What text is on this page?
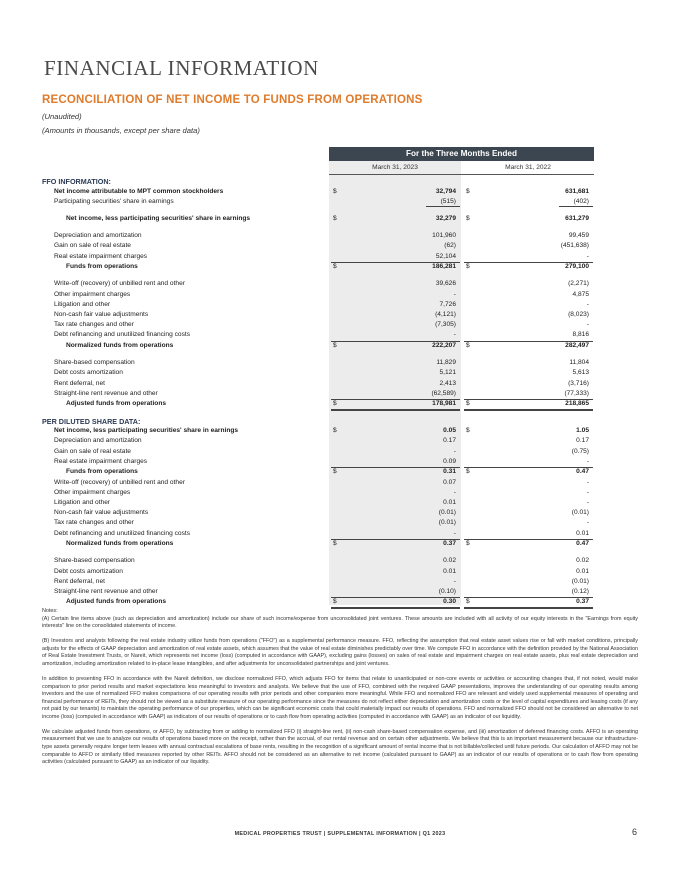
FINANCIAL INFORMATION
RECONCILIATION OF NET INCOME TO FUNDS FROM OPERATIONS
(Unaudited)
(Amounts in thousands, except per share data)
For the Three Months Ended
March 31, 2023	March 31, 2022
FFO INFORMATION:
Net income attributable to MPT common stockholders	$	32,794 $	631,681
Participating securities' share in earnings	(515)	(402)
Net income, less participating securities' share in earnings	$	32,279 $	631,279
Depreciation and amortization	101,960	99,459
Gain on sale of real estate	(62)	(451,638)
Real estate impairment charges	52,104	-
Funds from operations	$	186,281 $	279,100
Write-off (recovery) of unbilled rent and other	39,626	(2,271)
Other impairment charges	-	4,875
Litigation and other	7,726	-
Non-cash fair value adjustments	(4,121)	(8,023)
Tax rate changes and other	(7,305)	-
Debt refinancing and unutilized financing costs	-	8,816
Normalized funds from operations	$	222,207 $	282,497
Share-based compensation	11,829	11,804
Debt costs amortization	5,121	5,613
Rent deferral, net	2,413	(3,716)
Straight-line rent revenue and other	(62,589)	(77,333)
Adjusted funds from operations	$	178,981 $	218,865
PER DILUTED SHARE DATA:
Net income, less participating securities' share in earnings	$	0.05 $	1.05
Depreciation and amortization	0.17	0.17
Gain on sale of real estate	-	(0.75)
Real estate impairment charges	0.09	-
Funds from operations	$	0.31 $	0.47
Write-off (recovery) of unbilled rent and other	0.07	-
Other impairment charges	-	-
Litigation and other	0.01	-
Non-cash fair value adjustments	(0.01)	(0.01)
Tax rate changes and other	(0.01)	-
Debt refinancing and unutilized financing costs	-	0.01
Normalized funds from operations	$	0.37 $	0.47
Share-based compensation	0.02	0.02
Debt costs amortization	0.01	0.01
Rent deferral, net	-	(0.01)
Straight-line rent revenue and other	(0.10)	(0.12)
Adjusted funds from operations	$	0.30 $	0.37

Notes:

(A) Certain line items above (such as depreciation and amortization) include our share of such income/expense from unconsolidated joint ventures. These amounts are included with all activity of our equity interests in the "Earnings from equity interests" line on the consolidated statements of income.

(B) Investors and analysts following the real estate industry utilize funds from operations ("FFO") as a supplemental performance measure. FFO, reflecting the assumption that real estate asset values rise or fall with market conditions, principally adjusts for the effects of GAAP depreciation and amortization of real estate assets, which assumes that the value of real estate diminishes predictably over time. We compute FFO in accordance with the definition provided by the National Association of Real Estate Investment Trusts, or Nareit, which represents net income (loss) (computed in accordance with GAAP), excluding gains (losses) on sales of real estate and impairment charges on real estate assets, plus real estate depreciation and amortization, including amortization related to in-place lease intangibles, and after adjustments for unconsolidated partnerships and joint ventures.

In addition to presenting FFO in accordance with the Nareit definition, we disclose normalized FFO, which adjusts FFO for items that relate to unanticipated or non-core events or activities or accounting changes that, if not noted, would make comparison to prior period results and market expectations less meaningful to investors and analysts. We believe that the use of FFO, combined with the required GAAP presentations, improves the understanding of our operating results among investors and the use of normalized FFO makes comparisons of our operating results with prior periods and other companies more meaningful. While FFO and normalized FFO are relevant and widely used supplemental measures of operating and financial performance of REITs, they should not be viewed as a substitute measure of our operating performance since the measures do not reflect either depreciation and amortization costs or the level of capital expenditures and leasing costs (if any not paid by our tenants) to maintain the operating performance of our properties, which can be significant economic costs that could materially impact our results of operations. FFO and normalized FFO should not be considered an alternative to net income (loss) (computed in accordance with GAAP) as indicators of our results of operations or to cash flow from operating activities (computed in accordance with GAAP) as an indicator of our liquidity.

We calculate adjusted funds from operations, or AFFO, by subtracting from or adding to normalized FFO (i) straight-line rent, (ii) non-cash share-based compensation expense, and (iii) amortization of deferred financing costs. AFFO is an operating measurement that we use to analyze our results of operations based more on the receipt, rather than the accrual, of our rental revenue and on certain other adjustments. We believe that this is an important measurement because our infrastructure-type assets generally require longer term leases with annual contractual escalations of base rents, resulting in the recognition of a significant amount of rental income that is not billable/collected until future periods. Our calculation of AFFO may not be comparable to AFFO or similarly titled measures reported by other REITs. AFFO should not be considered as an alternative to net income (calculated pursuant to GAAP) as an indicator of our results of operations or to cash flow from operating activities (calculated pursuant to GAAP) as an indicator of our liquidity.

MEDICAL PROPERTIES TRUST | SUPPLEMENTAL INFORMATION | Q1 2023	6
